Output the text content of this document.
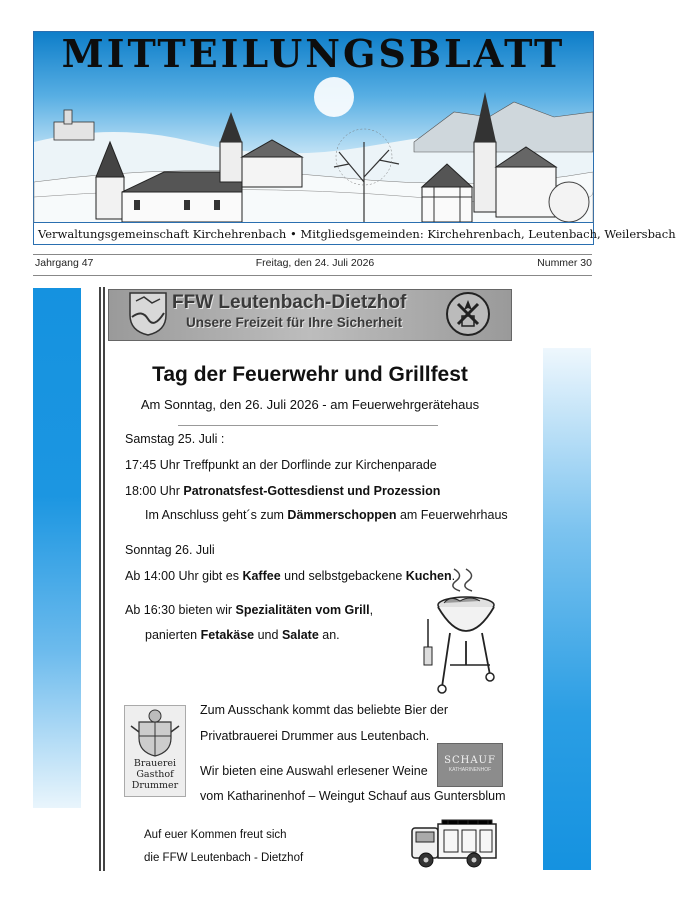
MITTEILUNGSBLATT
Verwaltungsgemeinschaft Kirchehrenbach • Mitgliedsgemeinden: Kirchehrenbach, Leutenbach, Weilersbach
Jahrgang 47	Freitag, den 24. Juli 2026	Nummer 30
FFW Leutenbach-Dietzhof
Unsere Freizeit für Ihre Sicherheit
Tag der Feuerwehr und Grillfest
Am Sonntag, den 26. Juli 2026 - am Feuerwehrgerätehaus
Samstag 25. Juli :
17:45 Uhr Treffpunkt an der Dorflinde zur Kirchenparade
18:00 Uhr Patronatsfest-Gottesdienst und Prozession
Im Anschluss geht´s zum Dämmerschoppen am Feuerwehrhaus
Sonntag 26. Juli
Ab 14:00 Uhr gibt es Kaffee und selbstgebackene Kuchen.
Ab 16:30 bieten wir Spezialitäten vom Grill,
panierten Fetakäse und Salate an.
Brauerei
Gasthof
Drummer
Zum Ausschank kommt das beliebte Bier der
Privatbrauerei Drummer aus Leutenbach.
Wir bieten eine Auswahl erlesener Weine
vom Katharinenhof – Weingut Schauf aus Guntersblum
SCHAUF
KATHARINENHOF
Auf euer Kommen freut sich
die FFW Leutenbach - Dietzhof
